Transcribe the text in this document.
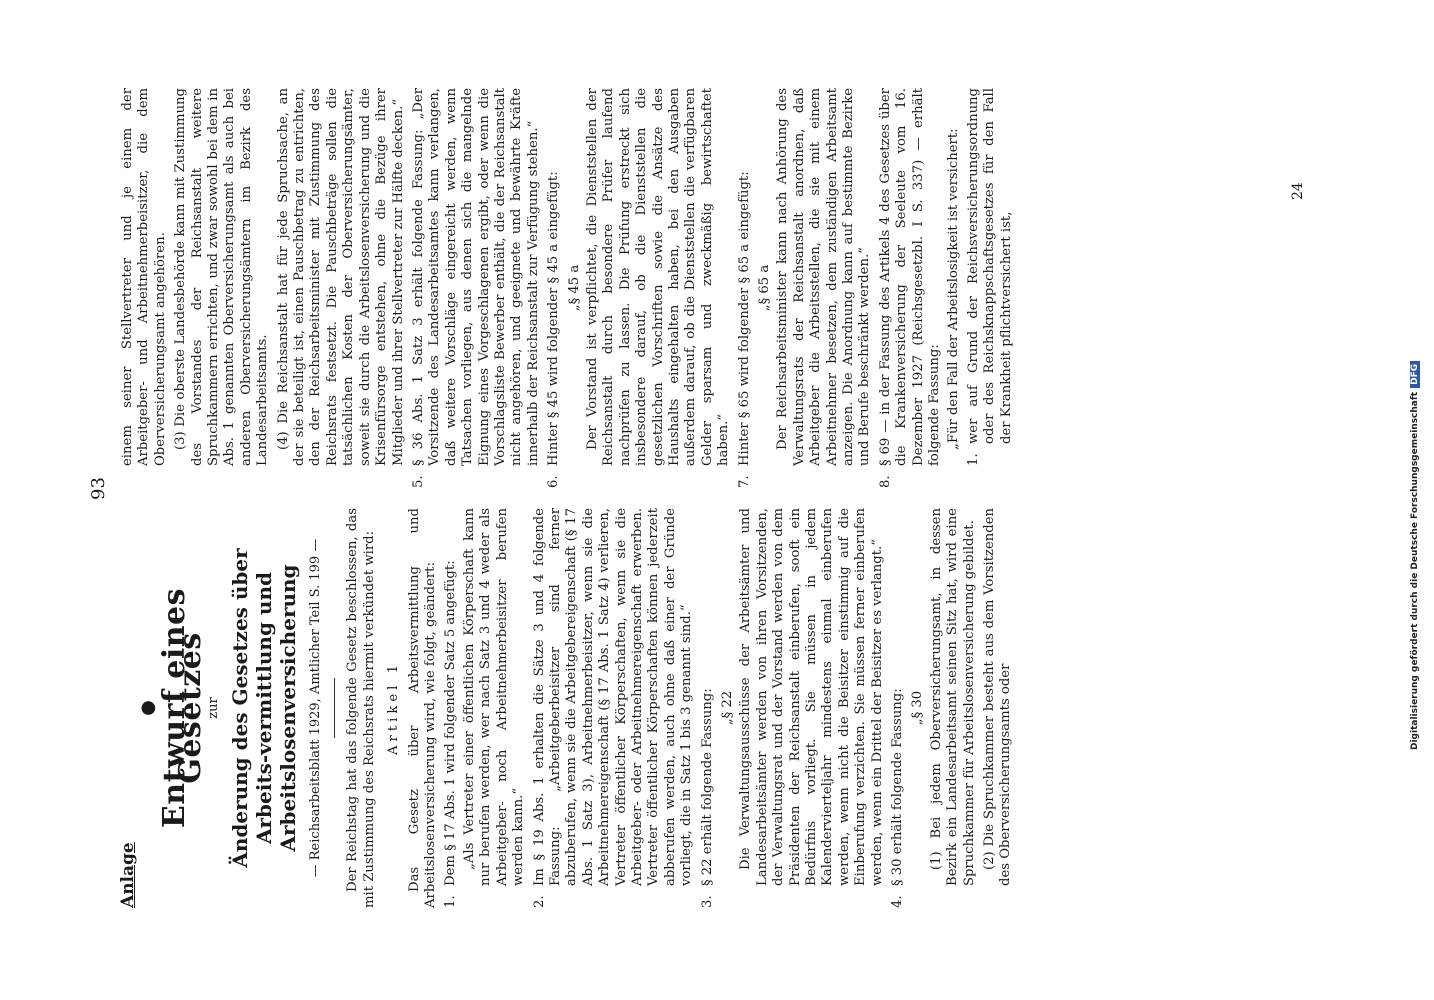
93
Anlage
●
Entwurf eines Gesetzes
zur Änderung des Gesetzes über Arbeits-vermittlung und Arbeitslosenversicherung — Reichsarbeitsblatt 1929, Amtlicher Teil S. 199 — Der Reichstag hat das folgende Gesetz beschlossen, das mit Zustimmung des Reichsrats hiermit verkündet wird: Artikel 1 Das Gesetz über Arbeitsvermittlung und Arbeitslosenversicherung wird, wie folgt, geändert: 1.
Dem § 17 Abs. 1 wird folgender Satz 5 angefügt: „Als Vertreter einer öffentlichen Körperschaft kann nur berufen werden, wer nach Satz 3 und 4 weder als Arbeitgeber- noch Arbeitnehmerbeisitzer berufen werden kann.“

2.
Im § 19 Abs. 1 erhalten die Sätze 3 und 4 folgende Fassung: „Arbeitgeberbeisitzer sind ferner abzuberufen, wenn sie die Arbeitgebereigenschaft (§ 17 Abs. 1 Satz 3), Arbeitnehmerbeisitzer, wenn sie die Arbeitnehmereigenschaft (§ 17 Abs. 1 Satz 4) verlieren, Vertreter öffentlicher Körperschaften, wenn sie die Arbeitgeber- oder Arbeitnehmereigenschaft erwerben. Vertreter öffentlicher Körperschaften können jederzeit abberufen werden, auch ohne daß einer der Gründe vorliegt, die in Satz 1 bis 3 genannt sind.“
3.
§ 22 erhält folgende Fassung: „§ 22 Die Verwaltungsausschüsse der Arbeitsämter und Landesarbeitsämter werden von ihren Vorsitzenden, der Verwaltungsrat und der Vorstand werden von dem Präsidenten der Reichsanstalt einberufen, sooft ein Bedürfnis vorliegt. Sie müssen in jedem Kalendervierteljahr mindestens einmal einberufen werden, wenn nicht die Beisitzer einstimmig auf die Einberufung verzichten. Sie müssen ferner einberufen werden, wenn ein Drittel der Beisitzer es verlangt.“

4.
§ 30 erhält folgende Fassung: „§ 30 (1) Bei jedem Oberversicherungsamt, in dessen Bezirk ein Landesarbeitsamt seinen Sitz hat, wird eine Spruchkammer für Arbeitslosenversicherung gebildet. (2) Die Spruchkammer besteht aus dem Vorsitzenden des Oberversicherungsamts oder

einem seiner Stellvertreter und je einem der Arbeitgeber- und Arbeitnehmerbeisitzer, die dem Oberversicherungsamt angehören. (3) Die oberste Landesbehörde kann mit Zustimmung des Vorstandes der Reichsanstalt weitere Spruchkammern errichten, und zwar sowohl bei dem in Abs. 1 genannten Oberversicherungsamt als auch bei anderen Oberversicherungsämtern im Bezirk des Landesarbeitsamts. (4) Die Reichsanstalt hat für jede Spruchsache, an der sie beteiligt ist, einen Pauschbetrag zu entrichten, den der Reichsarbeitsminister mit Zustimmung des Reichsrats festsetzt. Die Pauschbeträge sollen die tatsächlichen Kosten der Oberversicherungsämter, soweit sie durch die Arbeitslosenversicherung und die Krisenfürsorge entstehen, ohne die Bezüge ihrer Mitglieder und ihrer Stellvertreter zur Hälfte decken.“

5.
§ 36 Abs. 1 Satz 3 erhält folgende Fassung: „Der Vorsitzende des Landesarbeitsamtes kann verlangen, daß weitere Vorschläge eingereicht werden, wenn Tatsachen vorliegen, aus denen sich die mangelnde Eignung eines Vorgeschlagenen ergibt, oder wenn die Vorschlagsliste Bewerber enthält, die der Reichsanstalt nicht angehören, und geeignete und bewährte Kräfte innerhalb der Reichsanstalt zur Verfügung stehen.“
6.
Hinter § 45 wird folgender § 45 a eingefügt: „§ 45 a Der Vorstand ist verpflichtet, die Dienststellen der Reichsanstalt durch besondere Prüfer laufend nachprüfen zu lassen. Die Prüfung erstreckt sich insbesondere darauf, ob die Dienststellen die gesetzlichen Vorschriften sowie die Ansätze des Haushalts eingehalten haben, bei den Ausgaben außerdem darauf, ob die Dienststellen die verfügbaren Gelder sparsam und zweckmäßig bewirtschaftet haben.“

7.
Hinter § 65 wird folgender § 65 a eingefügt: „§ 65 a Der Reichsarbeitsminister kann nach Anhörung des Verwaltungsrats der Reichsanstalt anordnen, daß Arbeitgeber die Arbeitsstellen, die sie mit einem Arbeitnehmer besetzen, dem zuständigen Arbeitsamt anzeigen. Die Anordnung kann auf bestimmte Bezirke und Berufe beschränkt werden.“

8.
§ 69 — in der Fassung des Artikels 4 des Gesetzes über die Krankenversicherung der Seeleute vom 16. Dezember 1927 (Reichsgesetzbl. I S. 337) — erhält folgende Fassung: „Für den Fall der Arbeitslosigkeit ist versichert:

1.
wer auf Grund der Reichsversicherungsordnung oder des Reichsknappschaftsgesetzes für den Fall der Krankheit pflichtversichert ist,
24
Digitalisierung gefördert durch die Deutsche ForschungsgemeinschaftDFG
